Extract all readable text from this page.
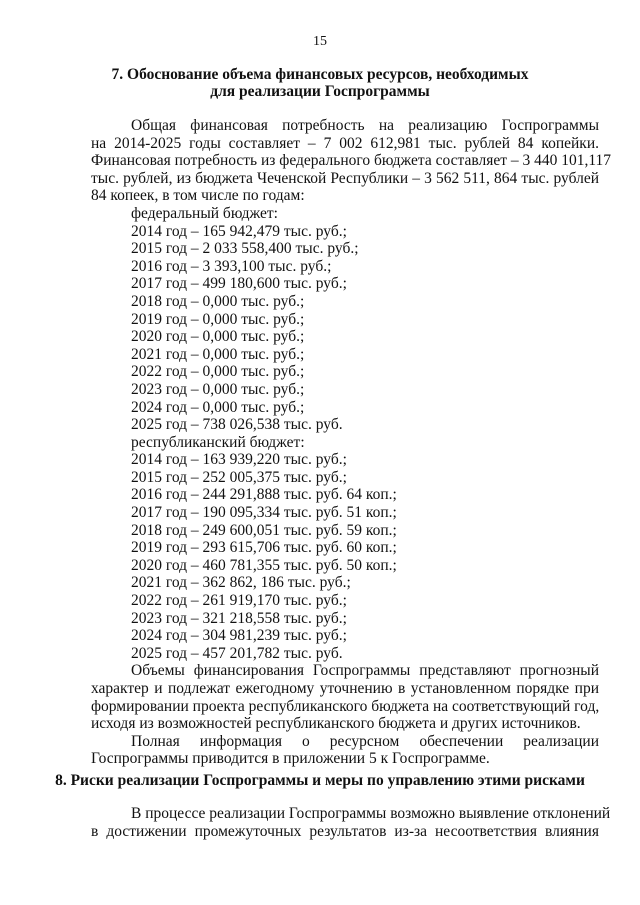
15
7. Обоснование объема финансовых ресурсов, необходимых
для реализации Госпрограммы
Общая финансовая потребность на реализацию Госпрограммы
на 2014-2025 годы составляет – 7 002 612,981 тыс. рублей 84 копейки.
Финансовая потребность из федерального бюджета составляет – 3 440 101,117
тыс. рублей, из бюджета Чеченской Республики – 3 562 511, 864 тыс. рублей
84 копеек, в том числе по годам:
федеральный бюджет:
2014 год – 165 942,479 тыс. руб.;
2015 год – 2 033 558,400 тыс. руб.;
2016 год – 3 393,100 тыс. руб.;
2017 год – 499 180,600 тыс. руб.;
2018 год – 0,000 тыс. руб.;
2019 год – 0,000 тыс. руб.;
2020 год – 0,000 тыс. руб.;
2021 год – 0,000 тыс. руб.;
2022 год – 0,000 тыс. руб.;
2023 год – 0,000 тыс. руб.;
2024 год – 0,000 тыс. руб.;
2025 год – 738 026,538 тыс. руб.
республиканский бюджет:
2014 год – 163 939,220 тыс. руб.;
2015 год – 252 005,375 тыс. руб.;
2016 год – 244 291,888 тыс. руб. 64 коп.;
2017 год – 190 095,334 тыс. руб. 51 коп.;
2018 год – 249 600,051 тыс. руб. 59 коп.;
2019 год – 293 615,706 тыс. руб. 60 коп.;
2020 год – 460 781,355 тыс. руб. 50 коп.;
2021 год – 362 862, 186 тыс. руб.;
2022 год – 261 919,170 тыс. руб.;
2023 год – 321 218,558 тыс. руб.;
2024 год – 304 981,239 тыс. руб.;
2025 год – 457 201,782 тыс. руб.
Объемы финансирования Госпрограммы представляют прогнозный
характер и подлежат ежегодному уточнению в установленном порядке при
формировании проекта республиканского бюджета на соответствующий год,
исходя из возможностей республиканского бюджета и других источников.
Полная информация о ресурсном обеспечении реализации
Госпрограммы приводится в приложении 5 к Госпрограмме.
8. Риски реализации Госпрограммы и меры по управлению этими рисками
В процессе реализации Госпрограммы возможно выявление отклонений
в достижении промежуточных результатов из-за несоответствия влияния
